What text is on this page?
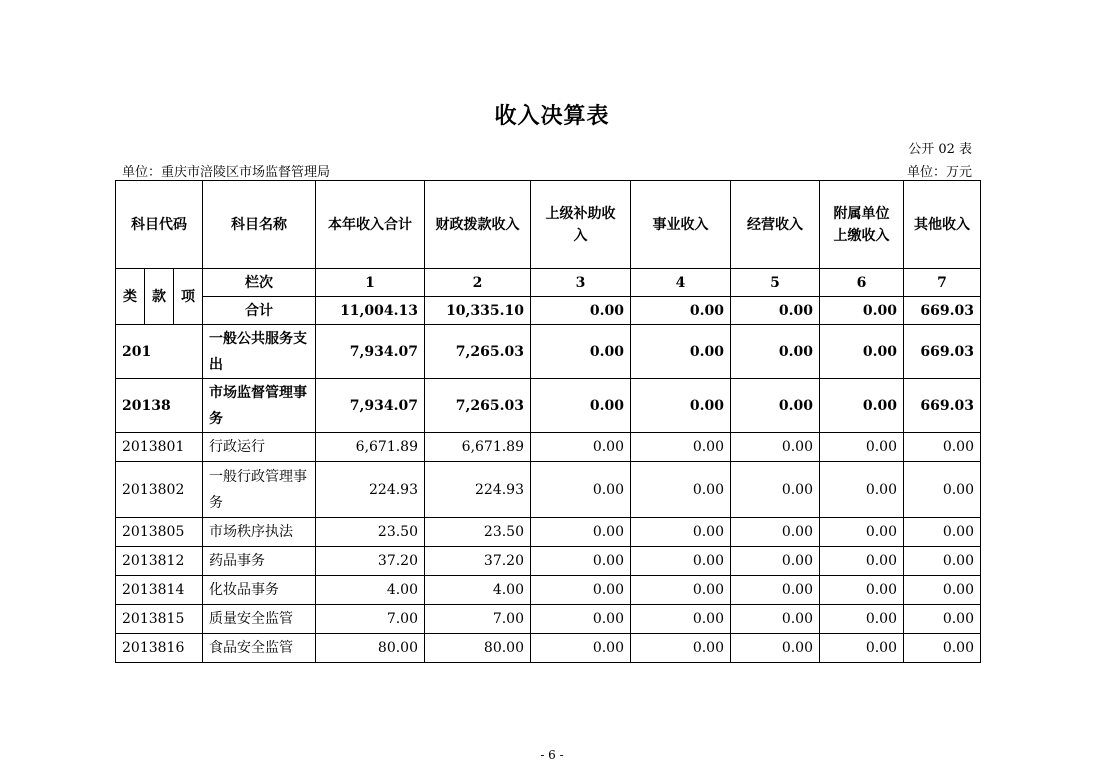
收入决算表
公开 02 表
单位：重庆市涪陵区市场监督管理局	单位：万元
科目代码			科目名称	本年收入合计	财政拨款收入	上级补助收入	事业收入	经营收入	附属单位上缴收入	其他收入
类	款	项	栏次	1	2	3	4	5	6	7
			合计	11,004.13	10,335.10	0.00	0.00	0.00	0.00	669.03
201			一般公共服务支出	7,934.07	7,265.03	0.00	0.00	0.00	0.00	669.03
20138			市场监督管理事务	7,934.07	7,265.03	0.00	0.00	0.00	0.00	669.03
2013801			行政运行	6,671.89	6,671.89	0.00	0.00	0.00	0.00	0.00
2013802			一般行政管理事务	224.93	224.93	0.00	0.00	0.00	0.00	0.00
2013805			市场秩序执法	23.50	23.50	0.00	0.00	0.00	0.00	0.00
2013812			药品事务	37.20	37.20	0.00	0.00	0.00	0.00	0.00
2013814			化妆品事务	4.00	4.00	0.00	0.00	0.00	0.00	0.00
2013815			质量安全监管	7.00	7.00	0.00	0.00	0.00	0.00	0.00
2013816			食品安全监管	80.00	80.00	0.00	0.00	0.00	0.00	0.00
- 6 -
